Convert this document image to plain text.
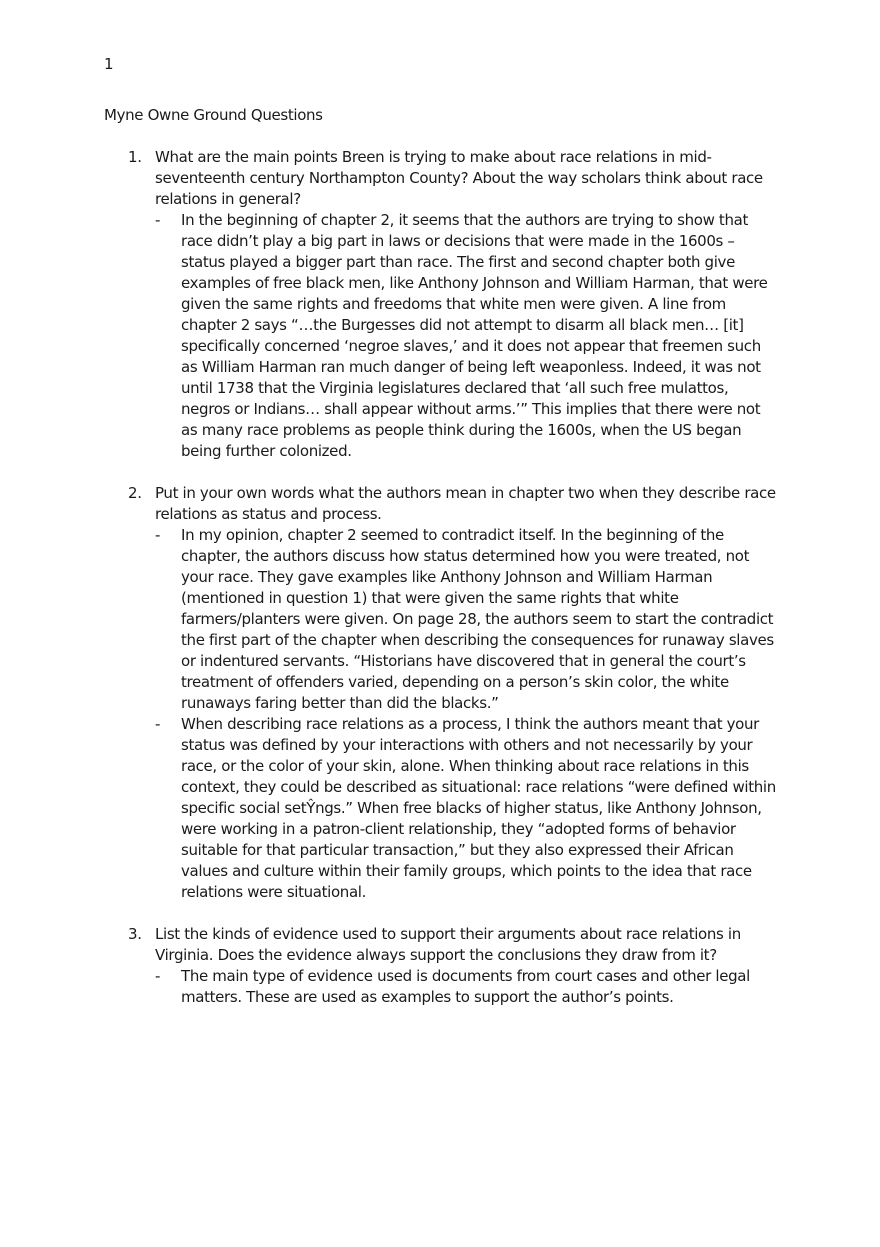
1
Myne Owne Ground Questions
1. What are the main points Breen is trying to make about race relations in mid-seventeenth century Northampton County? About the way scholars think about race relations in general?

- In the beginning of chapter 2, it seems that the authors are trying to show that race didn’t play a big part in laws or decisions that were made in the 1600s – status played a bigger part than race. The first and second chapter both give examples of free black men, like Anthony Johnson and William Harman, that were given the same rights and freedoms that white men were given. A line from chapter 2 says “…the Burgesses did not attempt to disarm all black men… [it] specifically concerned ‘negroe slaves,’ and it does not appear that freemen such as William Harman ran much danger of being left weaponless. Indeed, it was not until 1738 that the Virginia legislatures declared that ‘all such free mulattos, negros or Indians… shall appear without arms.’” This implies that there were not as many race problems as people think during the 1600s, when the US began being further colonized.

2. Put in your own words what the authors mean in chapter two when they describe race relations as status and process.

- In my opinion, chapter 2 seemed to contradict itself. In the beginning of the chapter, the authors discuss how status determined how you were treated, not your race. They gave examples like Anthony Johnson and William Harman (mentioned in question 1) that were given the same rights that white farmers/planters were given. On page 28, the authors seem to start the contradict the first part of the chapter when describing the consequences for runaway slaves or indentured servants. “Historians have discovered that in general the court’s treatment of offenders varied, depending on a person’s skin color, the white runaways faring better than did the blacks.”

- When describing race relations as a process, I think the authors meant that your status was defined by your interactions with others and not necessarily by your race, or the color of your skin, alone. When thinking about race relations in this context, they could be described as situational: race relations “were defined within specific social setŶngs.” When free blacks of higher status, like Anthony Johnson, were working in a patron-client relationship, they “adopted forms of behavior suitable for that particular transaction,” but they also expressed their African values and culture within their family groups, which points to the idea that race relations were situational.

3. List the kinds of evidence used to support their arguments about race relations in Virginia. Does the evidence always support the conclusions they draw from it?

- The main type of evidence used is documents from court cases and other legal matters. These are used as examples to support the author’s points.
